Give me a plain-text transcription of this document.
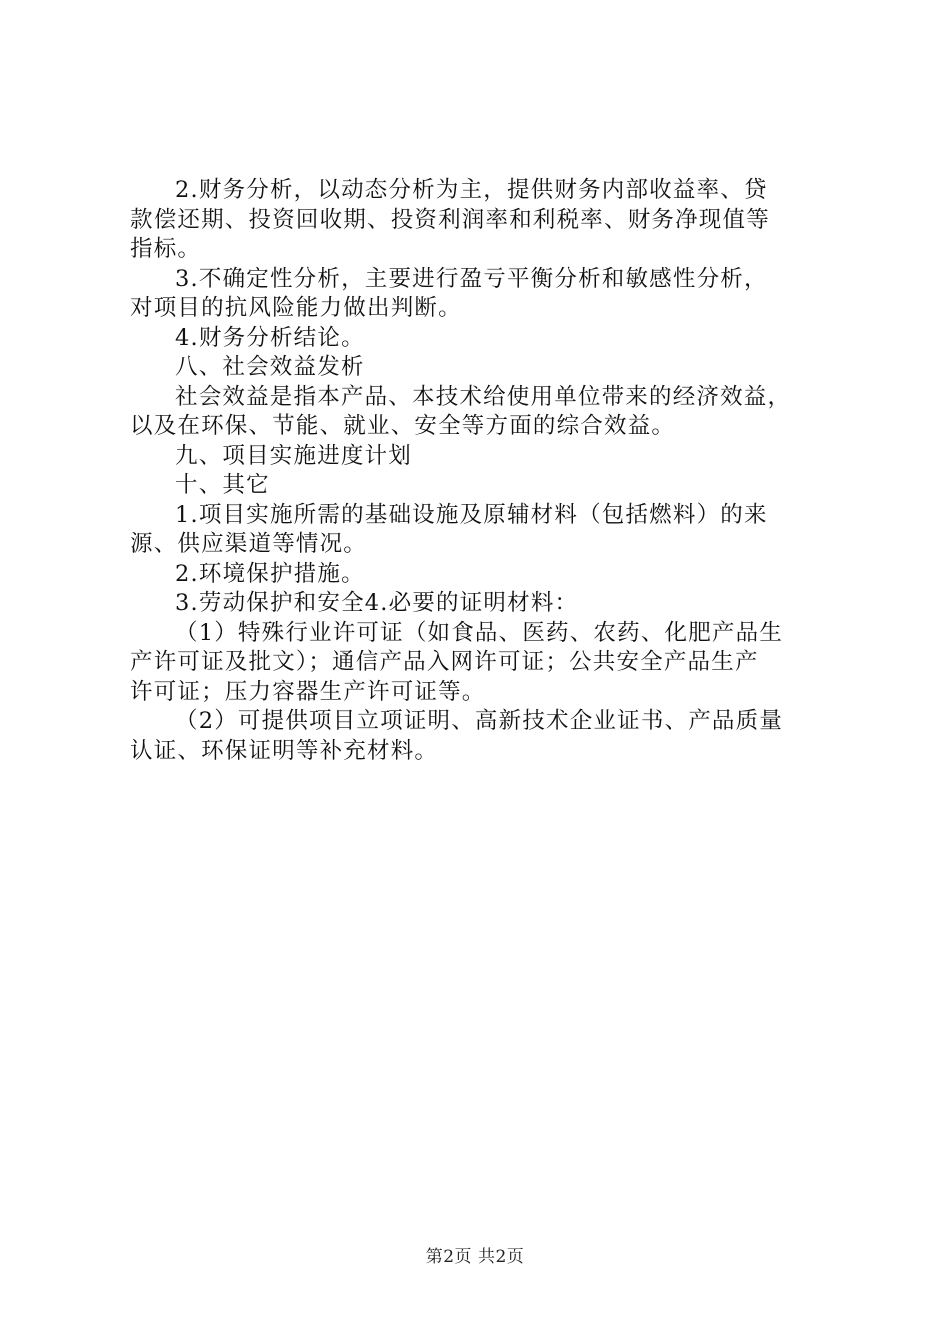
2.财务分析，以动态分析为主，提供财务内部收益率、贷
款偿还期、投资回收期、投资利润率和利税率、财务净现值等
指标。
3.不确定性分析，主要进行盈亏平衡分析和敏感性分析，
对项目的抗风险能力做出判断。
4.财务分析结论。
八、社会效益发析
社会效益是指本产品、本技术给使用单位带来的经济效益，
以及在环保、节能、就业、安全等方面的综合效益。
九、项目实施进度计划
十、其它
1.项目实施所需的基础设施及原辅材料（包括燃料）的来
源、供应渠道等情况。
2.环境保护措施。
3.劳动保护和安全4.必要的证明材料：
（1）特殊行业许可证（如食品、医药、农药、化肥产品生
产许可证及批文）；通信产品入网许可证；公共安全产品生产
许可证；压力容器生产许可证等。
（2）可提供项目立项证明、高新技术企业证书、产品质量
认证、环保证明等补充材料。
第2页 共2页
